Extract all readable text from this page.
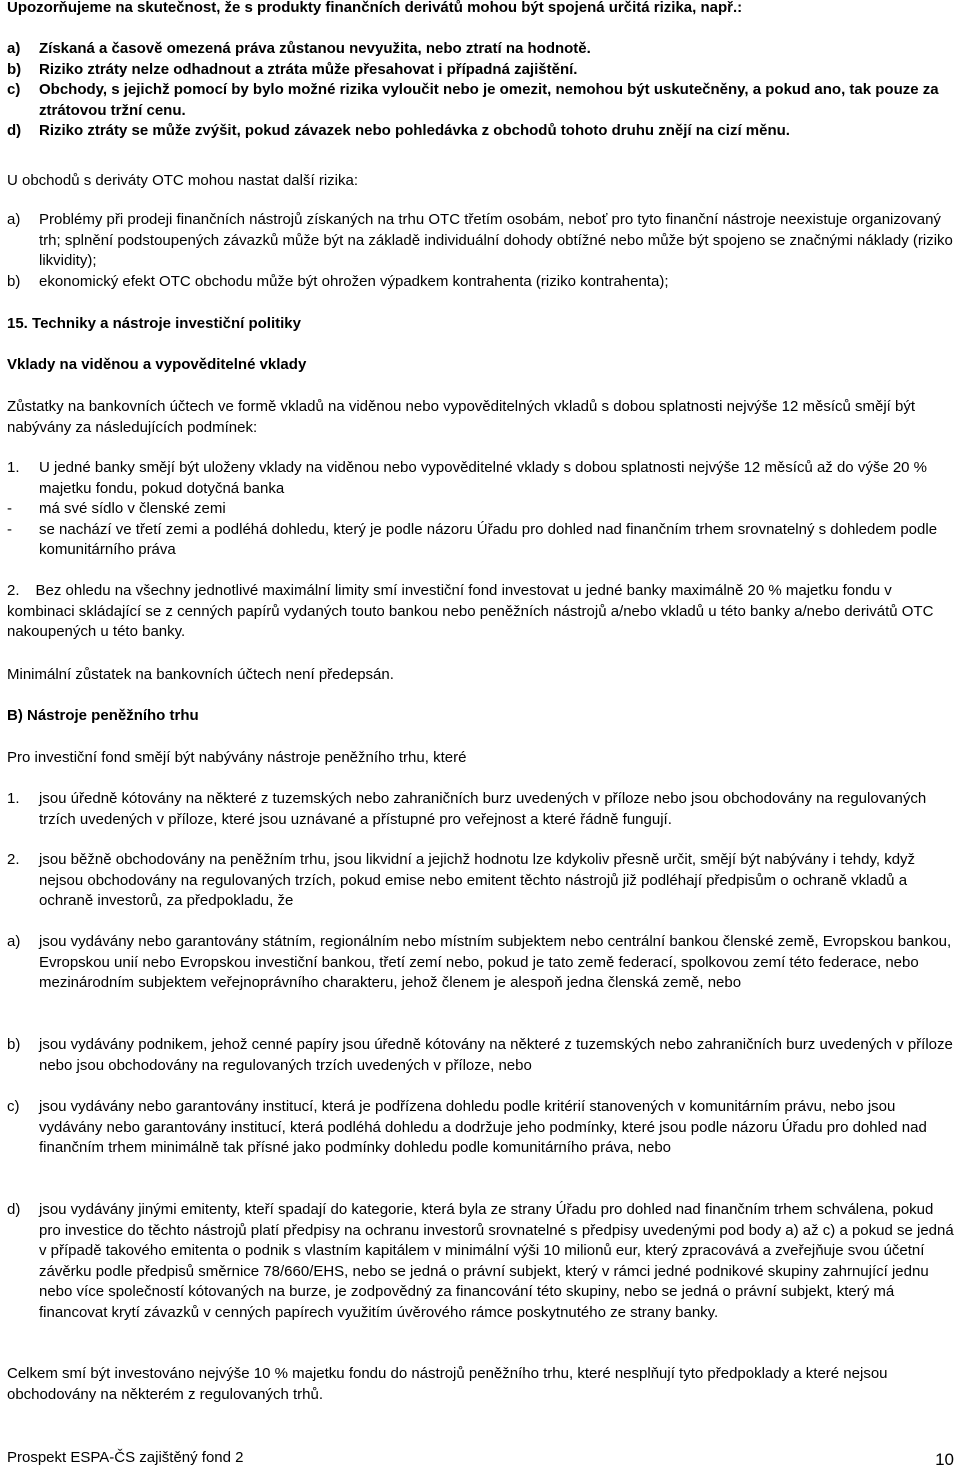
Upozorňujeme na skutečnost, že s produkty finančních derivátů mohou být spojená určitá rizika, např.:

a)	Získaná a časově omezená práva zůstanou nevyužita, nebo ztratí na hodnotě.
b)	Riziko ztráty nelze odhadnout a ztráta může přesahovat i případná zajištění.
c)	Obchody, s jejichž pomocí by bylo možné rizika vyloučit nebo je omezit, nemohou být uskutečněny, a pokud ano, tak pouze za ztrátovou tržní cenu.
d)	Riziko ztráty se může zvýšit, pokud závazek nebo pohledávka z obchodů tohoto druhu znějí na cizí měnu.

U obchodů s deriváty OTC mohou nastat další rizika:

a)	Problémy při prodeji finančních nástrojů získaných na trhu OTC třetím osobám, neboť pro tyto finanční nástroje neexistuje organizovaný trh; splnění podstoupených závazků může být na základě individuální dohody obtížné nebo může být spojeno se značnými náklady (riziko likvidity);
b)	ekonomický efekt OTC obchodu může být ohrožen výpadkem kontrahenta (riziko kontrahenta);

15. Techniky a nástroje investiční politiky

Vklady na viděnou a vypověditelné vklady

Zůstatky na bankovních účtech ve formě vkladů na viděnou nebo vypověditelných vkladů s dobou splatnosti nejvýše 12 měsíců smějí být nabývány za následujících podmínek:

1.	U jedné banky smějí být uloženy vklady na viděnou nebo vypověditelné vklady s dobou splatnosti nejvýše 12 měsíců až do výše 20 % majetku fondu, pokud dotyčná banka
-	má své sídlo v členské zemi
-	se nachází ve třetí zemi a podléhá dohledu, který je podle názoru Úřadu pro dohled nad finančním trhem srovnatelný s dohledem podle komunitárního práva

2. Bez ohledu na všechny jednotlivé maximální limity smí investiční fond investovat u jedné banky maximálně 20 % majetku fondu v kombinaci skládající se z cenných papírů vydaných touto bankou nebo peněžních nástrojů a/nebo vkladů u této banky a/nebo derivátů OTC nakoupených u této banky.

Minimální zůstatek na bankovních účtech není předepsán.

B) Nástroje peněžního trhu

Pro investiční fond smějí být nabývány nástroje peněžního trhu, které

1.	jsou úředně kótovány na některé z tuzemských nebo zahraničních burz uvedených v příloze nebo jsou obchodovány na regulovaných trzích uvedených v příloze, které jsou uznávané a přístupné pro veřejnost a které řádně fungují.
2.	jsou běžně obchodovány na peněžním trhu, jsou likvidní a jejichž hodnotu lze kdykoliv přesně určit, smějí být nabývány i tehdy, když nejsou obchodovány na regulovaných trzích, pokud emise nebo emitent těchto nástrojů již podléhají předpisům o ochraně vkladů a ochraně investorů, za předpokladu, že
a)	jsou vydávány nebo garantovány státním, regionálním nebo místním subjektem nebo centrální bankou členské země, Evropskou bankou, Evropskou unií nebo Evropskou investiční bankou, třetí zemí nebo, pokud je tato země federací, spolkovou zemí této federace, nebo mezinárodním subjektem veřejnoprávního charakteru, jehož členem je alespoň jedna členská země, nebo
b)	jsou vydávány podnikem, jehož cenné papíry jsou úředně kótovány na některé z tuzemských nebo zahraničních burz uvedených v příloze nebo jsou obchodovány na regulovaných trzích uvedených v příloze, nebo
c)	jsou vydávány nebo garantovány institucí, která je podřízena dohledu podle kritérií stanovených v komunitárním právu, nebo jsou vydávány nebo garantovány institucí, která podléhá dohledu a dodržuje jeho podmínky, které jsou podle názoru Úřadu pro dohled nad finančním trhem minimálně tak přísné jako podmínky dohledu podle komunitárního práva, nebo
d)	jsou vydávány jinými emitenty, kteří spadají do kategorie, která byla ze strany Úřadu pro dohled nad finančním trhem schválena, pokud pro investice do těchto nástrojů platí předpisy na ochranu investorů srovnatelné s předpisy uvedenými pod body a) až c) a pokud se jedná v případě takového emitenta o podnik s vlastním kapitálem v minimální výši 10 milionů eur, který zpracovává a zveřejňuje svou účetní závěrku podle předpisů směrnice 78/660/EHS, nebo se jedná o právní subjekt, který v rámci jedné podnikové skupiny zahrnující jednu nebo více společností kótovaných na burze, je zodpovědný za financování této skupiny, nebo se jedná o právní subjekt, který má financovat krytí závazků v cenných papírech využitím úvěrového rámce poskytnutého ze strany banky.

Celkem smí být investováno nejvýše 10 % majetku fondu do nástrojů peněžního trhu, které nesplňují tyto předpoklady a které nejsou obchodovány na některém z regulovaných trhů.

Prospekt ESPA-ČS zajištěný fond 2	10
